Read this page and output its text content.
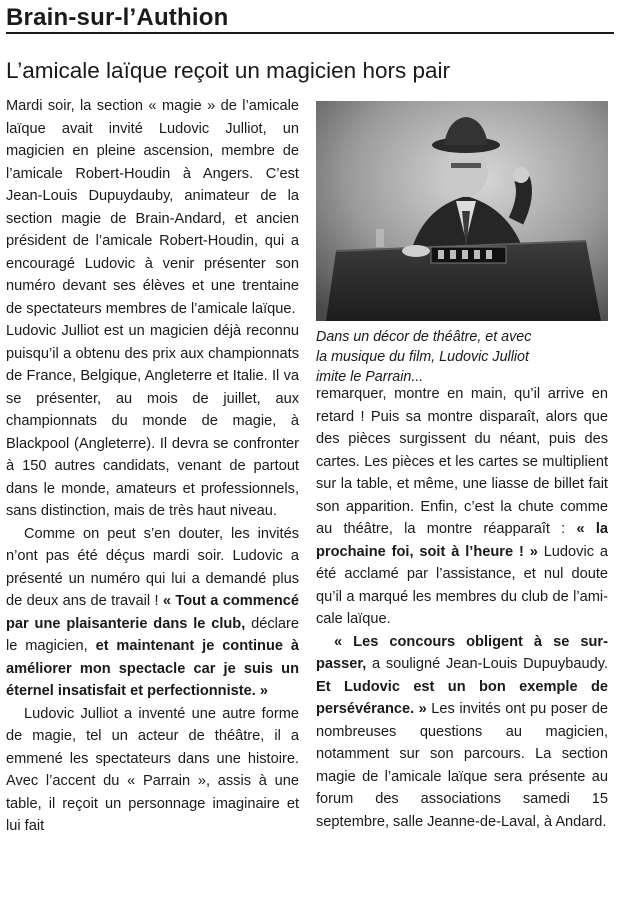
Brain-sur-l’Authion
L’amicale laïque reçoit un magicien hors pair

Mardi soir, la section « magie » de l’amicale laïque avait invité Ludovic Julliot, un magicien en pleine ascension, membre de l’amicale Robert-Houdin à Angers. C’est Jean-Louis Dupuydauby, animateur de la section magie de Brain-Andard, et ancien président de l’amicale Robert-Houdin, qui a encouragé Ludovic à venir présenter son numéro devant ses élèves et une trentaine de spectateurs membres de l’amicale laïque.

Ludovic Julliot est un magicien déjà reconnu puisqu’il a obtenu des prix aux championnats de France, Belgique, Angleterre et Italie. Il va se présenter, au mois de juillet, aux championnats du monde de magie, à Blackpool (Angleterre). Il devra se confronter à 150 autres candidats, venant de partout dans le monde, amateurs et professionnels, sans distinction, mais de très haut niveau.

Comme on peut s’en douter, les invités n’ont pas été déçus mardi soir. Ludovic a présenté un numéro qui lui a demandé plus de deux ans de travail ! « Tout a commencé par une plaisanterie dans le club, déclare le magicien, et maintenant je continue à améliorer mon spectacle car je suis un éternel insatisfait et perfectionniste. »

Ludovic Julliot a inventé une autre forme de magie, tel un acteur de théâtre, il a emmené les spectateurs dans une histoire. Avec l’accent du « Parrain », assis à une table, il reçoit un personnage imaginaire et lui fait

Dans un décor de théâtre, et avec
la musique du film, Ludovic Julliot
imite le Parrain...

remarquer, montre en main, qu’il arrive en retard ! Puis sa montre disparaît, alors que des pièces surgissent du néant, puis des cartes. Les pièces et les cartes se multiplient sur la table, et même, une liasse de billet fait son apparition. Enfin, c’est la chute comme au théâtre, la montre réapparaît : « la prochaine foi, soit à l’heure ! » Ludovic a été acclamé par l’assistance, et nul doute qu’il a marqué les membres du club de l’amicale laïque.

« Les concours obligent à se surpasser, a souligné Jean-Louis Dupuybaudy. Et Ludovic est un bon exemple de persévérance. » Les invités ont pu poser de nombreuses questions au magicien, notamment sur son parcours. La section magie de l’amicale laïque sera présente au forum des associations samedi 15 septembre, salle Jeanne-de-Laval, à Andard.
